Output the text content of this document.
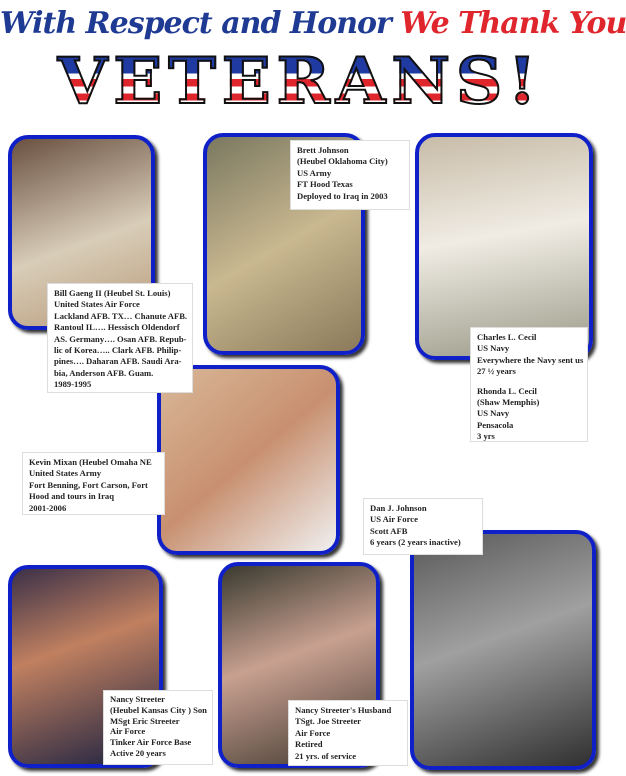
With Respect and Honor We Thank You
VETERANS!
Bill Gaeng II (Heubel St. Louis)
United States Air Force
Lackland AFB. TX… Chanute AFB.
Rantoul IL…. Hessisch Oldendorf
AS. Germany…. Osan AFB. Repub-
lic of Korea….. Clark AFB. Philip-
pines…. Daharan AFB. Saudi Ara-
bia, Anderson AFB. Guam.
1989-1995
Brett Johnson
(Heubel Oklahoma City)
US Army
FT Hood Texas
Deployed to Iraq in 2003
Charles L. Cecil
US Navy
Everywhere the Navy sent us
27 ½ years
Rhonda L. Cecil
(Shaw Memphis)
US Navy
Pensacola
3 yrs
Kevin Mixan (Heubel Omaha NE
United States Army
Fort Benning, Fort Carson, Fort
Hood and tours in Iraq
2001-2006	Dan J. Johnson
US Air Force
Scott AFB
6 years (2 years inactive)
Nancy Streeter
(Heubel Kansas City ) Son
MSgt Eric Streeter
Air Force
Tinker Air Force Base
Active 20 years
Nancy Streeter's Husband
TSgt. Joe Streeter
Air Force
Retired
21 yrs. of service
